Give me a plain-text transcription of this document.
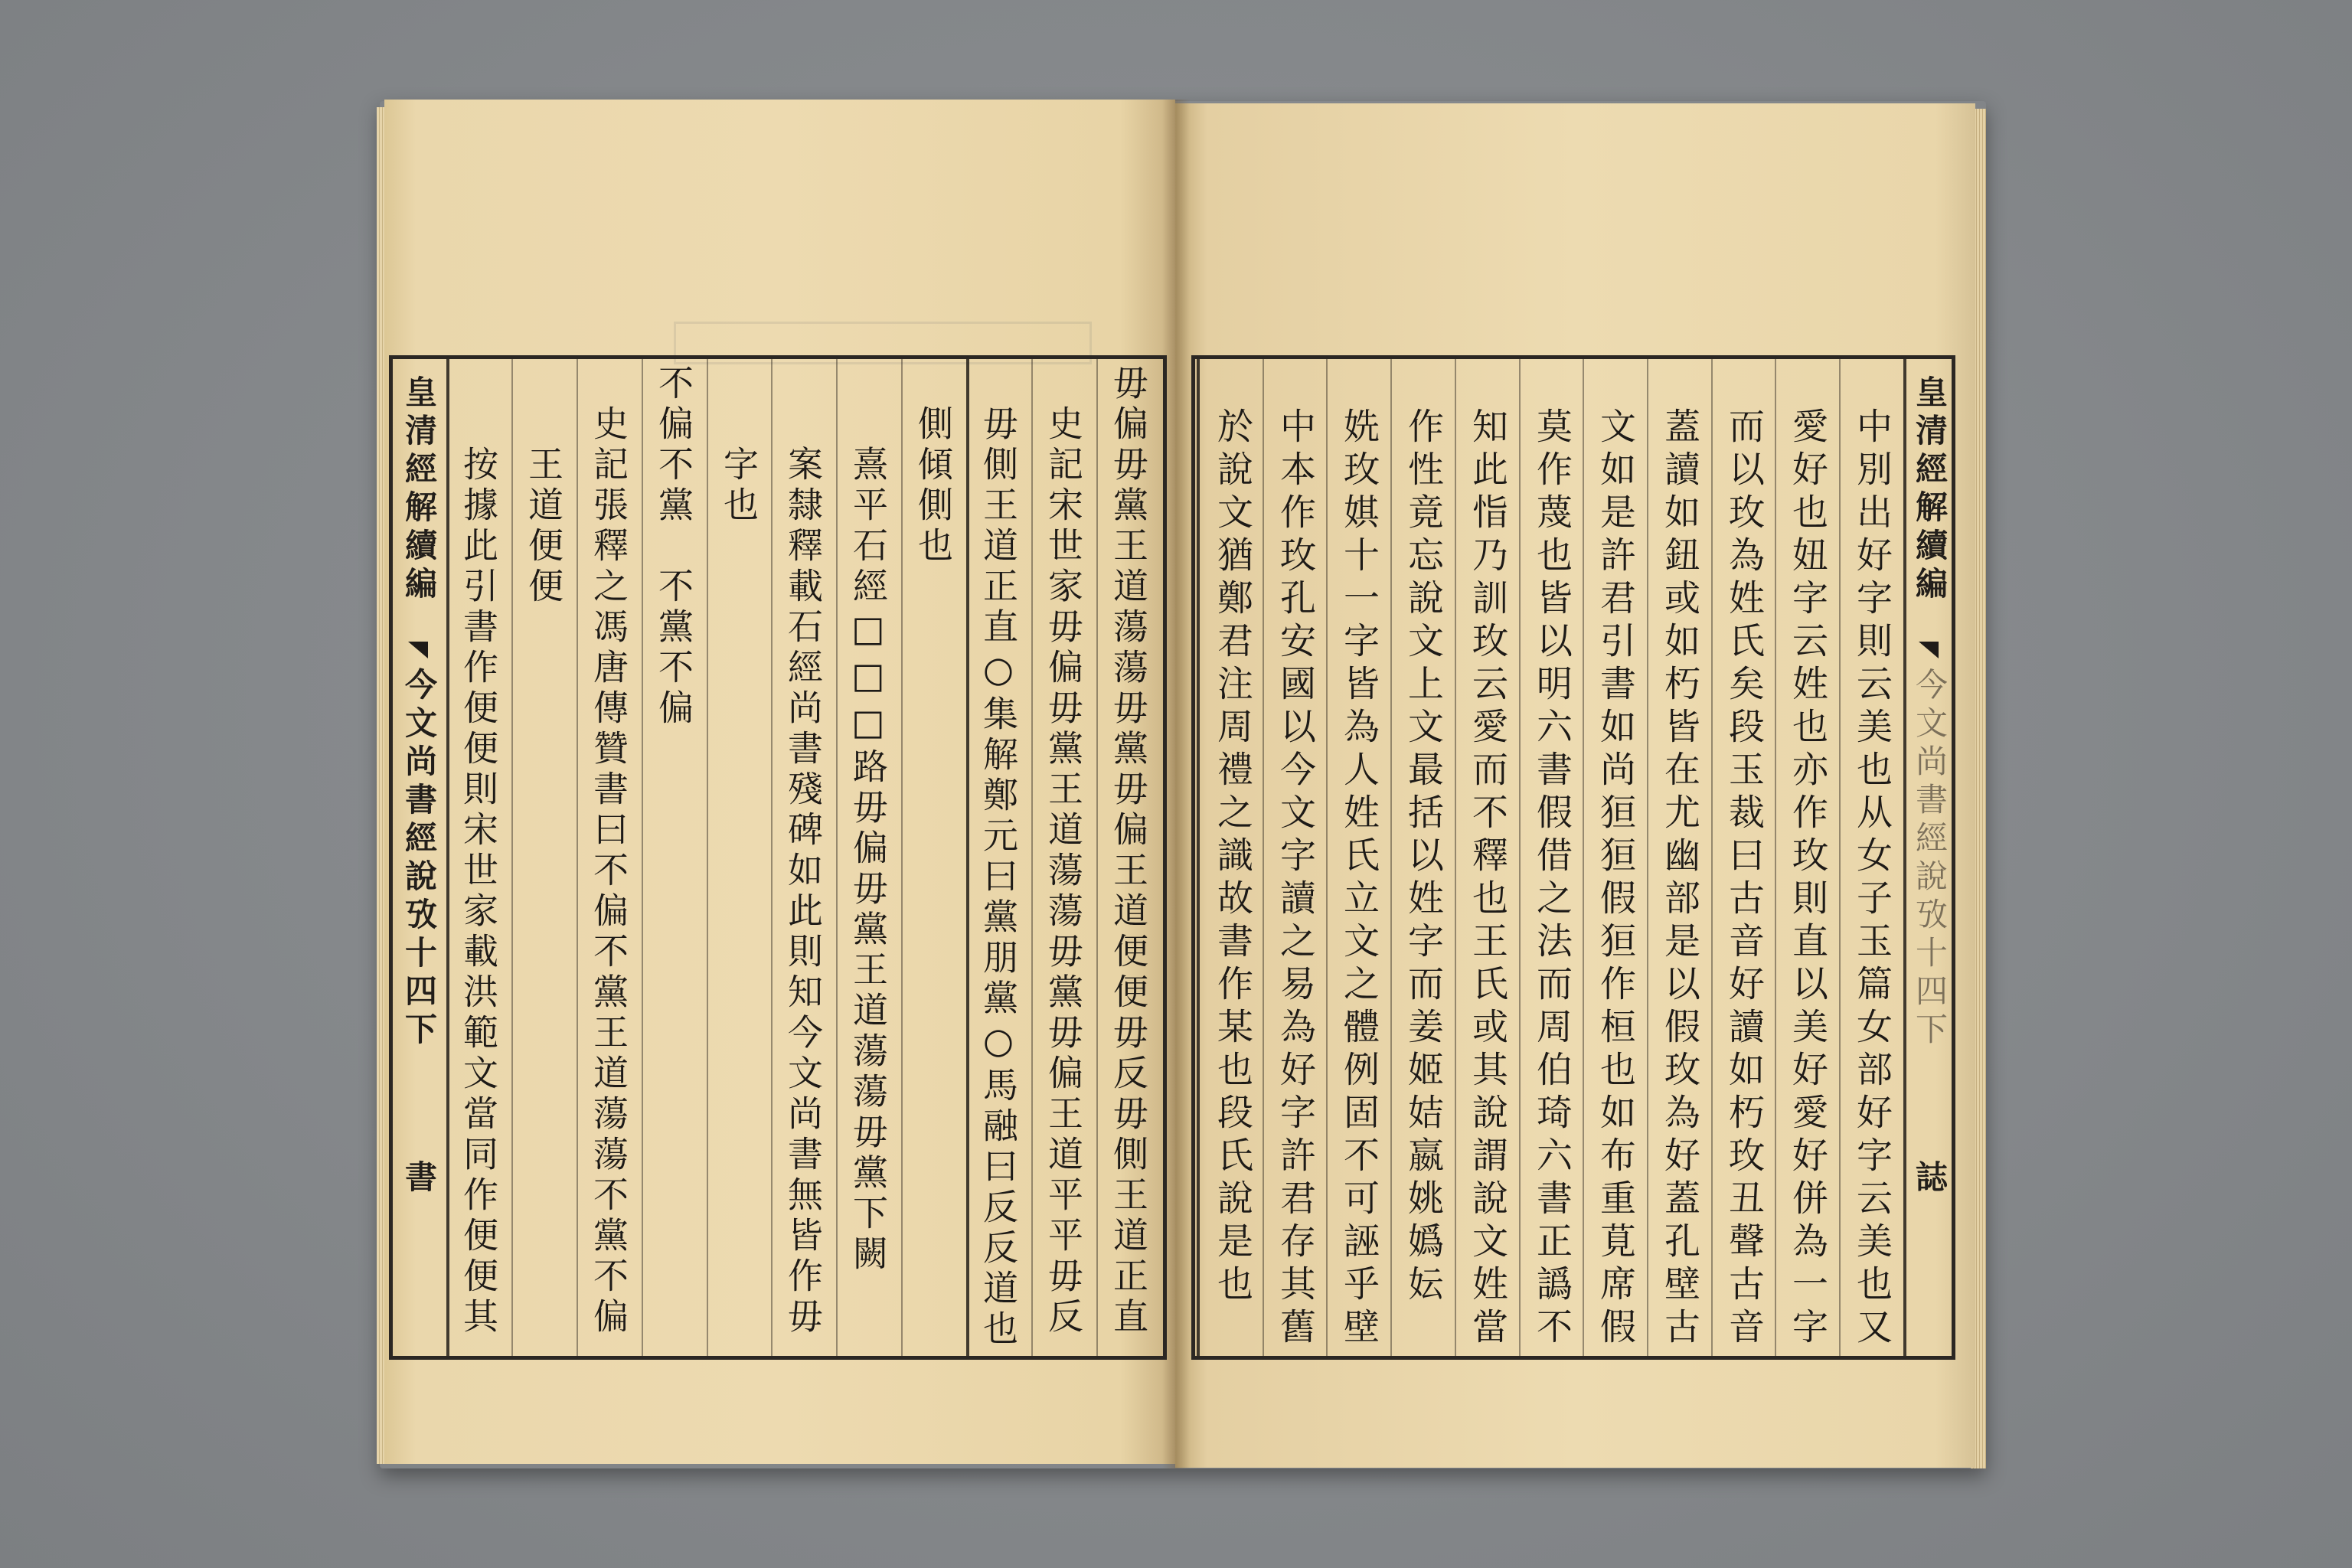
皇清經解續編
今文尚書經說攷十四下
書	毋偏毋黨王道蕩蕩毋黨毋偏王道便便毋反毋側王道正直
史記宋世家毋偏毋黨王道蕩蕩毋黨毋偏王道平平毋反
毋側王道正直○集解鄭元曰黨朋黨○馬融曰反反道也
側傾側也
熹平石經□□□路毋偏毋黨王道蕩蕩毋黨下闕
案隸釋載石經尚書殘碑如此則知今文尚書無皆作毋
字也
不偏不黨　不黨不偏
史記張釋之馮唐傳贊書曰不偏不黨王道蕩蕩不黨不偏
王道便便
按據此引書作便便則宋世家載洪範文當同作便便其	皇清經解續編
今文尚書經說攷十四下
誌
中別出好字則云美也从女子玉篇女部好字云美也又
愛好也妞字云姓也亦作玫則直以美好愛好併為一字
而以玫為姓氏矣段玉裁曰古音好讀如朽玫丑聲古音
蓋讀如鈕或如朽皆在尤幽部是以假玫為好蓋孔壁古
文如是許君引書如尚狟狟假狟作桓也如布重莧席假
莫作蔑也皆以明六書假借之法而周伯琦六書正譌不
知此恉乃訓玫云愛而不釋也王氏或其說謂說文姓當
作性竟忘說文上文最括以姓字而姜姬姞嬴姚嬀妘
姺玫娸十一字皆為人姓氏立文之體例固不可誣乎壁
中本作玫孔安國以今文字讀之易為好字許君存其舊
於說文猶鄭君注周禮之識故書作某也段氏說是也
